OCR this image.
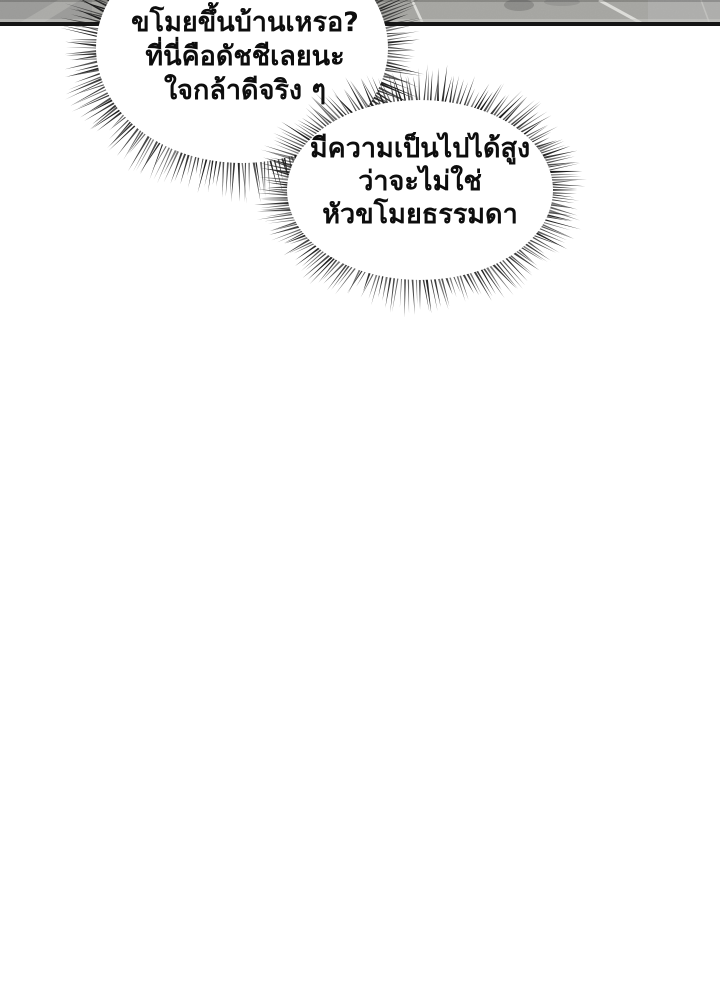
ขโมยขึ้นบ้านเหรอ?
ที่นี่คือดัชชีเลยนะ
ใจกล้าดีจริง ๆ
มีความเป็นไปได้สูง
ว่าจะไม่ใช่
หัวขโมยธรรมดา
